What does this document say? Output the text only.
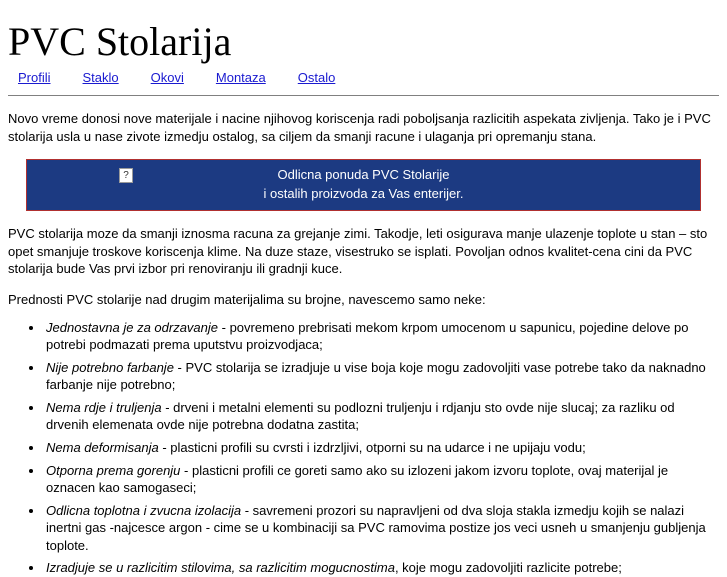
PVC Stolarija
Profili Staklo Okovi Montaza Ostalo

Novo vreme donosi nove materijale i nacine njihovog koriscenja radi poboljsanja razlicitih aspekata zivljenja. Tako je i PVC stolarija usla u nase zivote izmedju ostalog, sa ciljem da smanji racune i ulaganja pri opremanju stana.

?	Odlicna ponuda PVC Stolarije
i ostalih proizvoda za Vas enterijer.

PVC stolarija moze da smanji iznosma racuna za grejanje zimi. Takodje, leti osigurava manje ulazenje toplote u stan – sto opet smanjuje troskove koriscenja klime. Na duze staze, visestruko se isplati. Povoljan odnos kvalitet-cena cini da PVC stolarija bude Vas prvi izbor pri renoviranju ili gradnji kuce.

Prednosti PVC stolarije nad drugim materijalima su brojne, navescemo samo neke:

• Jednostavna je za odrzavanje - povremeno prebrisati mekom krpom umocenom u sapunicu, pojedine delove po potrebi podmazati prema uputstvu proizvodjaca;
• Nije potrebno farbanje - PVC stolarija se izradjuje u vise boja koje mogu zadovoljiti vase potrebe tako da naknadno farbanje nije potrebno;
• Nema rdje i truljenja - drveni i metalni elementi su podlozni truljenju i rdjanju sto ovde nije slucaj; za razliku od drvenih elemenata ovde nije potrebna dodatna zastita;
• Nema deformisanja - plasticni profili su cvrsti i izdrzljivi, otporni su na udarce i ne upijaju vodu;
• Otporna prema gorenju - plasticni profili ce goreti samo ako su izlozeni jakom izvoru toplote, ovaj materijal je oznacen kao samogaseci;
• Odlicna toplotna i zvucna izolacija - savremeni prozori su napravljeni od dva sloja stakla izmedju kojih se nalazi inertni gas -najcesce argon - cime se u kombinaciji sa PVC ramovima postize jos veci usneh u smanjenju gubljenja toplote.
• Izradjuje se u razlicitim stilovima, sa razlicitim mogucnostima, koje mogu zadovoljiti razlicite potrebe;
